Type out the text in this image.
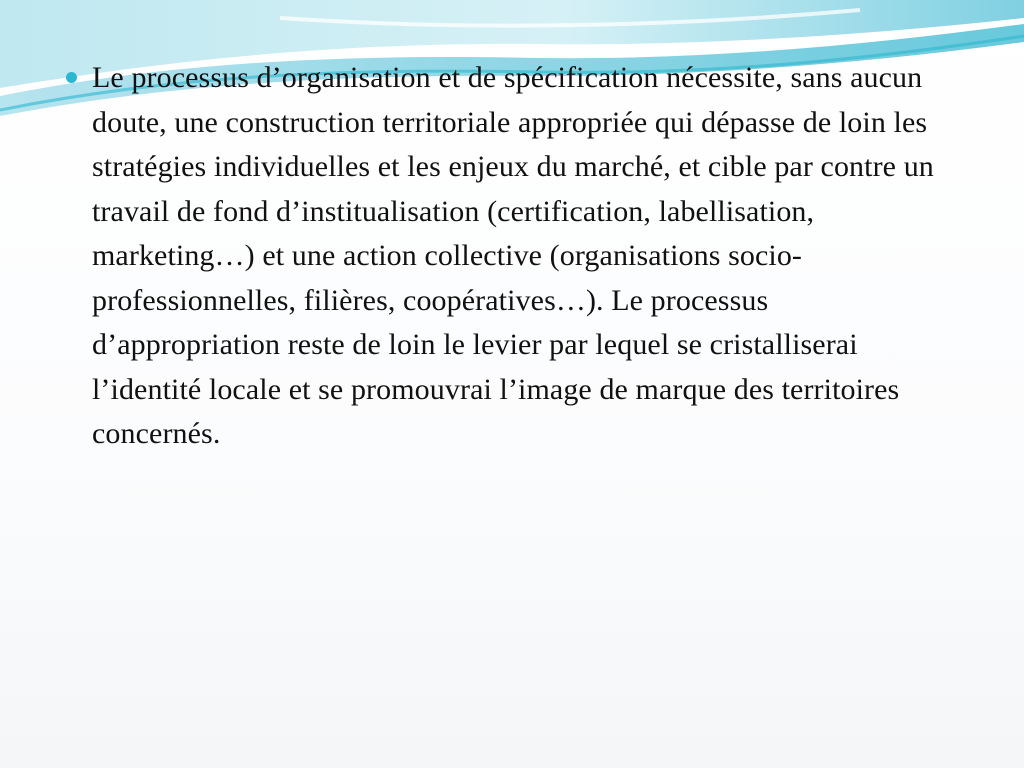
Le processus d’organisation et de spécification nécessite, sans aucun doute, une construction territoriale appropriée qui dépasse de loin les stratégies individuelles et les enjeux du marché, et cible par contre un travail de fond d’institualisation (certification, labellisation, marketing…) et une action collective (organisations socio-professionnelles, filières, coopératives…). Le processus d’appropriation reste de loin le levier par lequel se cristalliserai l’identité locale et se promouvrai l’image de marque des territoires concernés.
